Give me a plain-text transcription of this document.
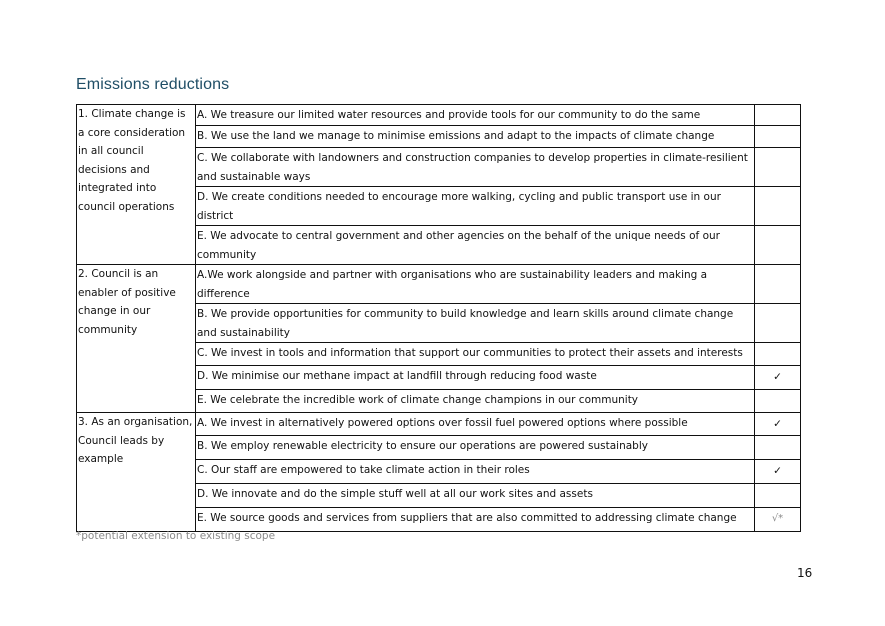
Emissions reductions
1. Climate change is a core consideration in all council decisions and integrated into council operations	A. We treasure our limited water resources and provide tools for our community to do the same	
	B. We use the land we manage to minimise emissions and adapt to the impacts of climate change	
	C. We collaborate with landowners and construction companies to develop properties in climate-resilient and sustainable ways	
	D. We create conditions needed to encourage more walking, cycling and public transport use in our district	
	E. We advocate to central government and other agencies on the behalf of the unique needs of our community	
2. Council is an enabler of positive change in our community	A.We work alongside and partner with organisations who are sustainability leaders and making a difference	
	B. We provide opportunities for community to build knowledge and learn skills around climate change and sustainability	
	C. We invest in tools and information that support our communities to protect their assets and interests	
	D. We minimise our methane impact at landfill through reducing food waste	✓
	E. We celebrate the incredible work of climate change champions in our community	
3. As an organisation, Council leads by example	A. We invest in alternatively powered options over fossil fuel powered options where possible	✓
	B. We employ renewable electricity to ensure our operations are powered sustainably	
	C. Our staff are empowered to take climate action in their roles	✓
	D. We innovate and do the simple stuff well at all our work sites and assets	
	E. We source goods and services from suppliers that are also committed to addressing climate change	√*
*potential extension to existing scope
16
